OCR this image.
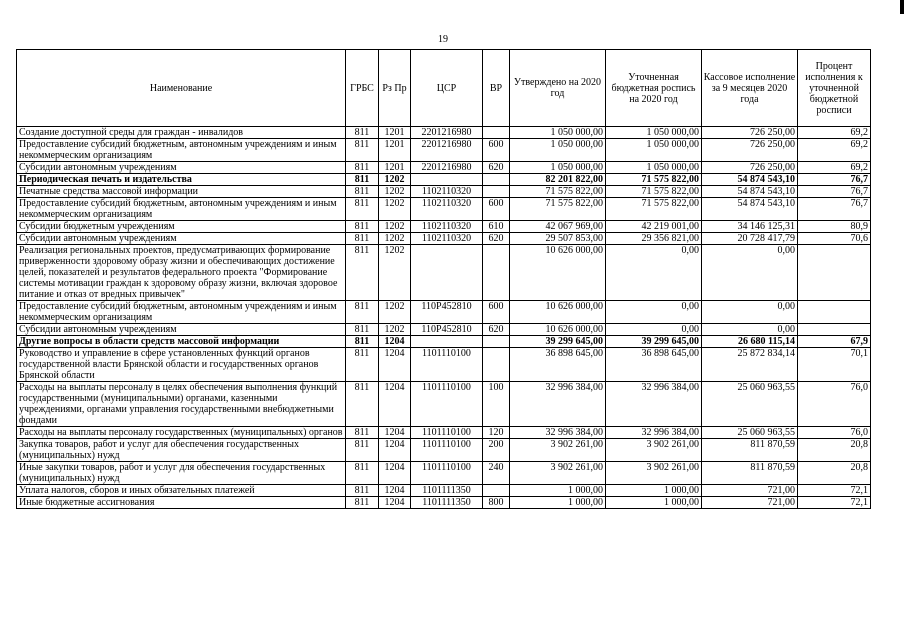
19
Наименование	ГРБС	Рз Пр	ЦСР	ВР	Утверждено на 2020 год	Уточненная бюджетная роспись на 2020 год	Кассовое исполнение за 9 месяцев 2020 года	Процент исполнения к уточненной бюджетной росписи
Создание доступной среды для граждан - инвалидов	811	1201	2201216980		1 050 000,00	1 050 000,00	726 250,00	69,2
Предоставление субсидий бюджетным, автономным учреждениям и иным некоммерческим организациям	811	1201	2201216980	600	1 050 000,00	1 050 000,00	726 250,00	69,2
Субсидии автономным учреждениям	811	1201	2201216980	620	1 050 000,00	1 050 000,00	726 250,00	69,2
Периодическая печать и издательства	811	1202			82 201 822,00	71 575 822,00	54 874 543,10	76,7
Печатные средства массовой информации	811	1202	1102110320		71 575 822,00	71 575 822,00	54 874 543,10	76,7
Предоставление субсидий бюджетным, автономным учреждениям и иным некоммерческим организациям	811	1202	1102110320	600	71 575 822,00	71 575 822,00	54 874 543,10	76,7
Субсидии бюджетным учреждениям	811	1202	1102110320	610	42 067 969,00	42 219 001,00	34 146 125,31	80,9
Субсидии автономным учреждениям	811	1202	1102110320	620	29 507 853,00	29 356 821,00	20 728 417,79	70,6
Реализация региональных проектов, предусматривающих формирование приверженности здоровому образу жизни и обеспечивающих достижение целей, показателей и результатов федерального проекта "Формирование системы мотивации граждан к здоровому образу жизни, включая здоровое питание и отказ от вредных привычек"	811	1202			10 626 000,00	0,00	0,00	
Предоставление субсидий бюджетным, автономным учреждениям и иным некоммерческим организациям	811	1202	110P452810	600	10 626 000,00	0,00	0,00	
Субсидии автономным учреждениям	811	1202	110P452810	620	10 626 000,00	0,00	0,00	
Другие вопросы в области средств массовой информации	811	1204			39 299 645,00	39 299 645,00	26 680 115,14	67,9
Руководство и управление в сфере установленных функций органов государственной власти Брянской области и государственных органов Брянской области	811	1204	1101110100		36 898 645,00	36 898 645,00	25 872 834,14	70,1
Расходы на выплаты персоналу в целях обеспечения выполнения функций государственными (муниципальными) органами, казенными учреждениями, органами управления государственными внебюджетными фондами	811	1204	1101110100	100	32 996 384,00	32 996 384,00	25 060 963,55	76,0
Расходы на выплаты персоналу государственных (муниципальных) органов	811	1204	1101110100	120	32 996 384,00	32 996 384,00	25 060 963,55	76,0
Закупка товаров, работ и услуг для обеспечения государственных (муниципальных) нужд	811	1204	1101110100	200	3 902 261,00	3 902 261,00	811 870,59	20,8
Иные закупки товаров, работ и услуг для обеспечения государственных (муниципальных) нужд	811	1204	1101110100	240	3 902 261,00	3 902 261,00	811 870,59	20,8
Уплата налогов, сборов и иных обязательных платежей	811	1204	1101111350		1 000,00	1 000,00	721,00	72,1
Иные бюджетные ассигнования	811	1204	1101111350	800	1 000,00	1 000,00	721,00	72,1
